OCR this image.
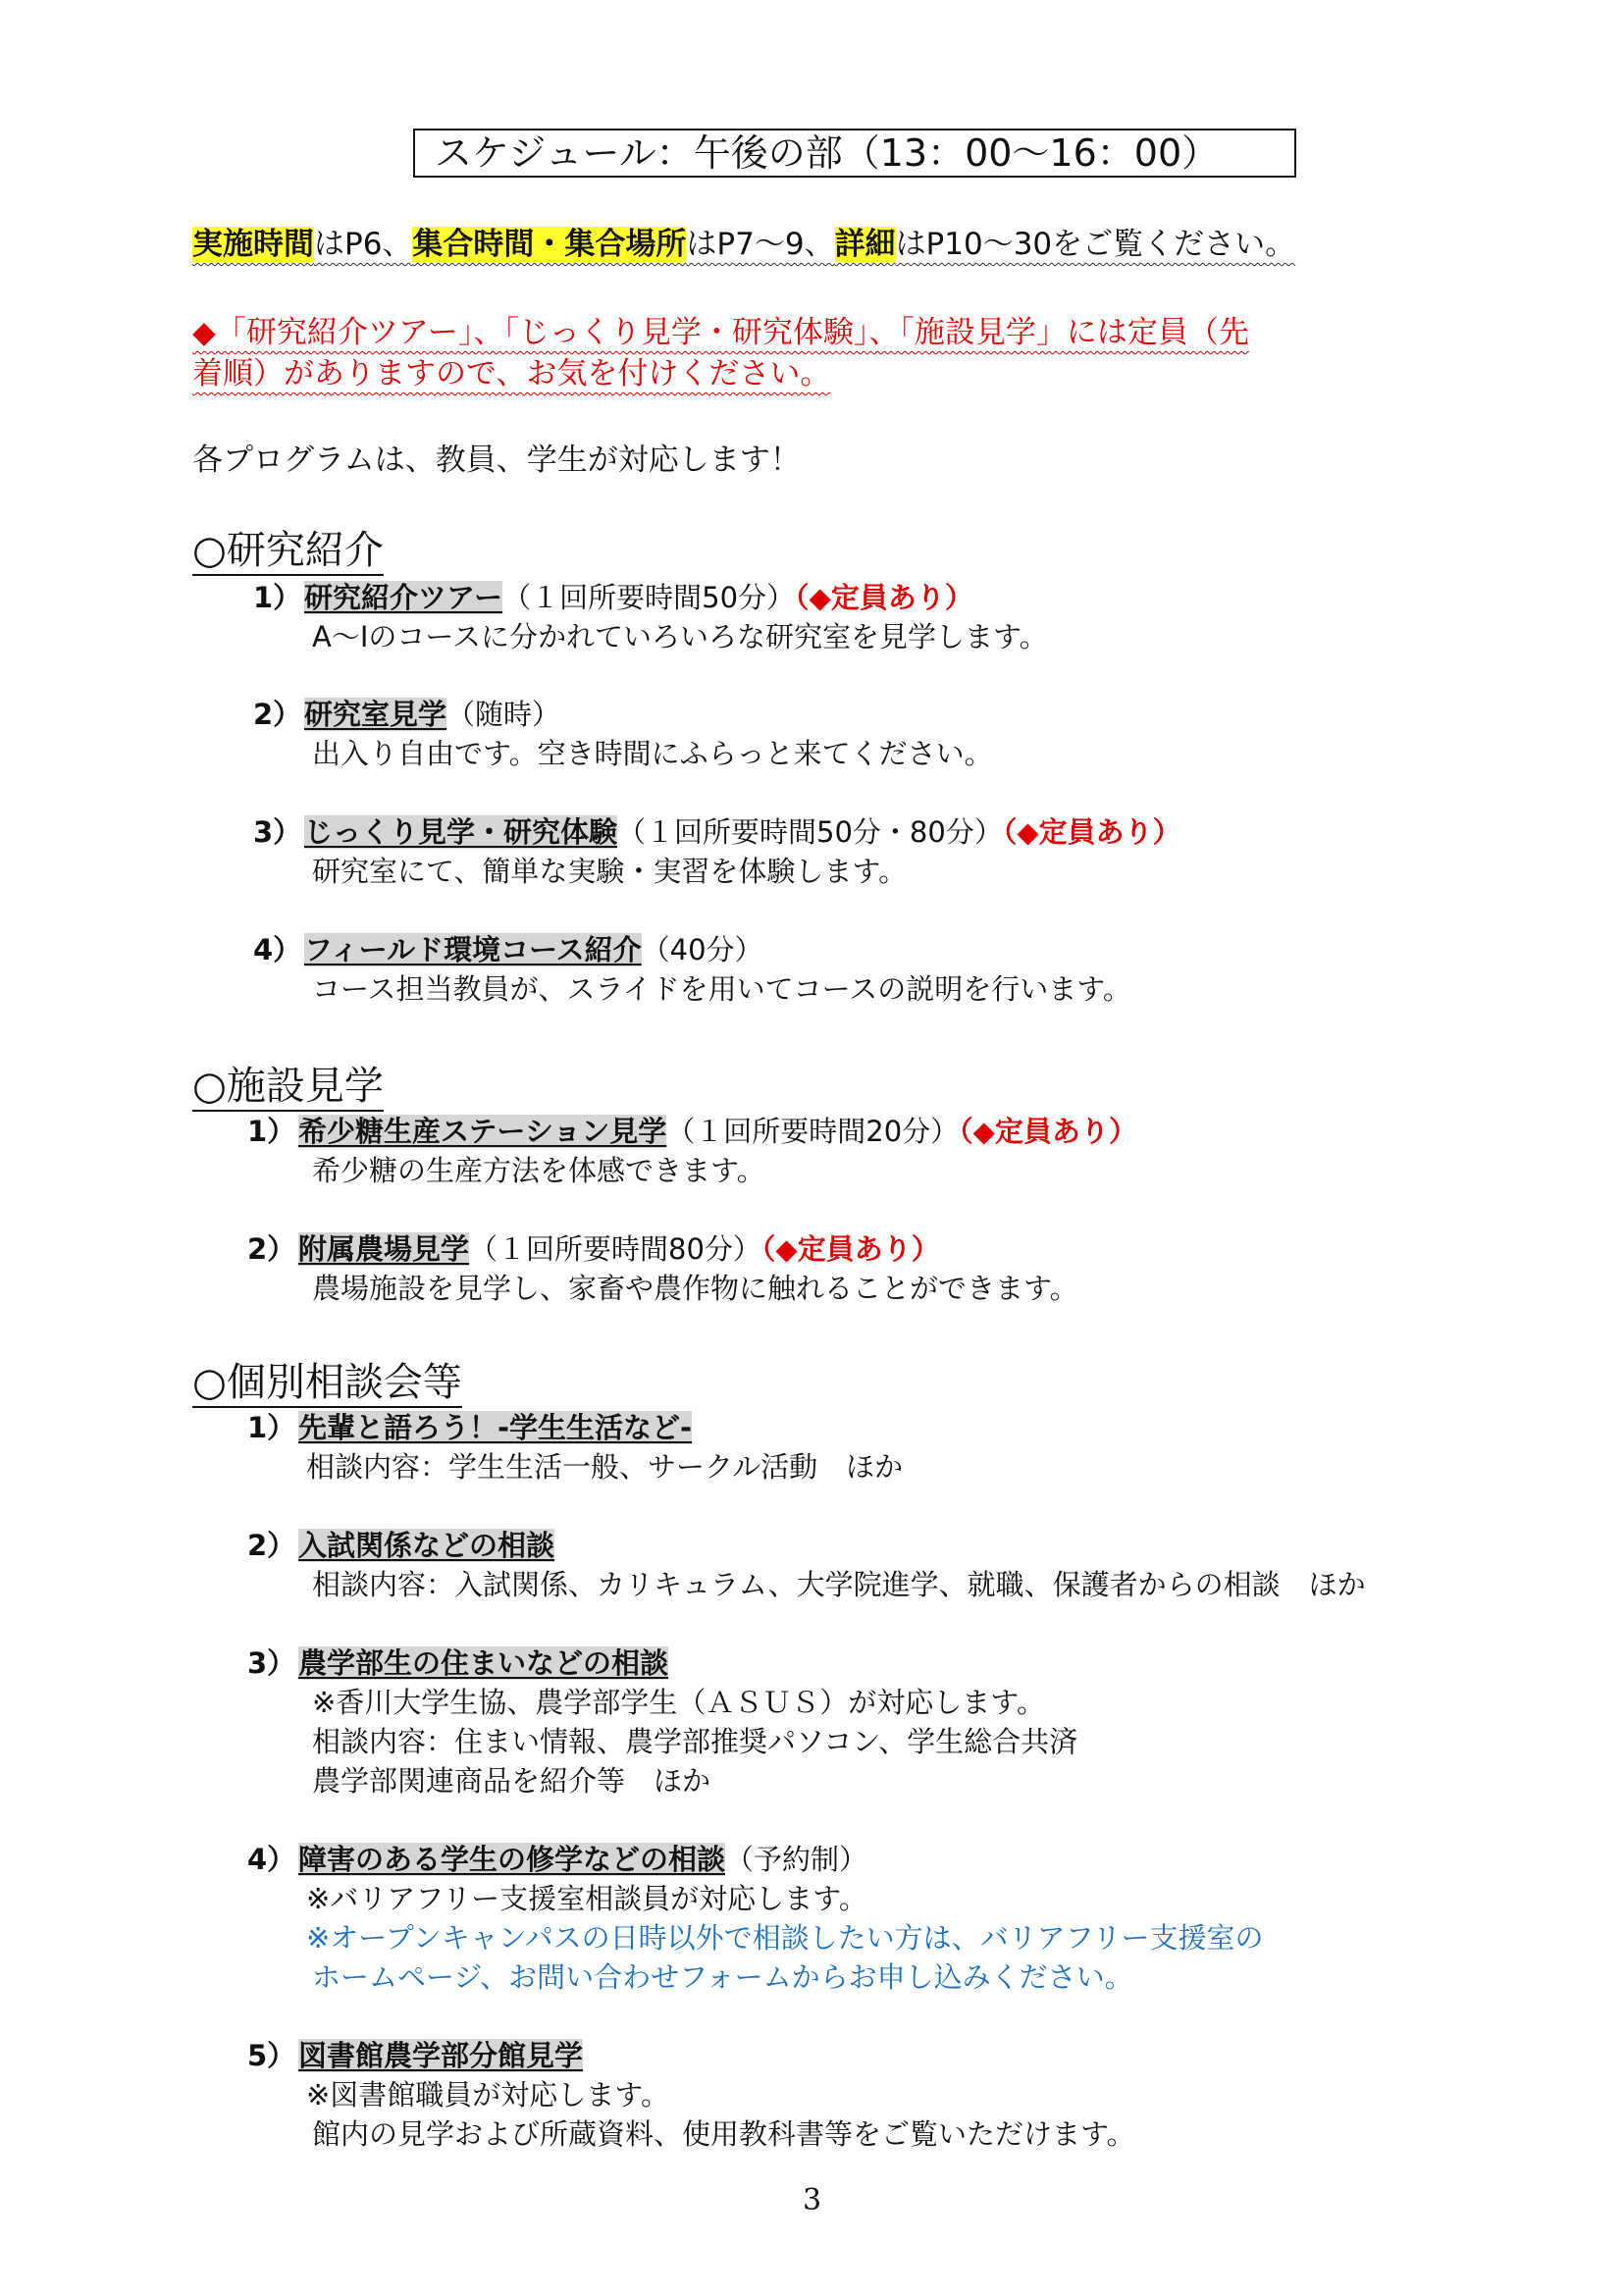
スケジュール：午後の部（13：00〜16：00）
実施時間はP6、集合時間・集合場所はP7〜9、詳細はP10〜30をご覧ください。
◆「研究紹介ツアー」、「じっくり見学・研究体験」、「施設見学」には定員（先
着順）がありますので、お気を付けください。
各プログラムは、教員、学生が対応します！
○研究紹介
1）研究紹介ツアー（１回所要時間50分）（◆定員あり）
A〜Iのコースに分かれていろいろな研究室を見学します。
2）研究室見学（随時）
出入り自由です。空き時間にふらっと来てください。
3）じっくり見学・研究体験（１回所要時間50分・80分）（◆定員あり）
研究室にて、簡単な実験・実習を体験します。
4）フィールド環境コース紹介（40分）
コース担当教員が、スライドを用いてコースの説明を行います。
○施設見学
1）希少糖生産ステーション見学（１回所要時間20分）（◆定員あり）
希少糖の生産方法を体感できます。
2）附属農場見学（１回所要時間80分）（◆定員あり）
農場施設を見学し、家畜や農作物に触れることができます。
○個別相談会等
1）先輩と語ろう！-学生生活など-
相談内容：学生生活一般、サークル活動　ほか
2）入試関係などの相談
相談内容：入試関係、カリキュラム、大学院進学、就職、保護者からの相談　ほか
3）農学部生の住まいなどの相談
※香川大学生協、農学部学生（ＡＳＵＳ）が対応します。
相談内容：住まい情報、農学部推奨パソコン、学生総合共済
農学部関連商品を紹介等　ほか
4）障害のある学生の修学などの相談（予約制）
※バリアフリー支援室相談員が対応します。
※オープンキャンパスの日時以外で相談したい方は、バリアフリー支援室の
ホームページ、お問い合わせフォームからお申し込みください。
5）図書館農学部分館見学
※図書館職員が対応します。
館内の見学および所蔵資料、使用教科書等をご覧いただけます。
3
